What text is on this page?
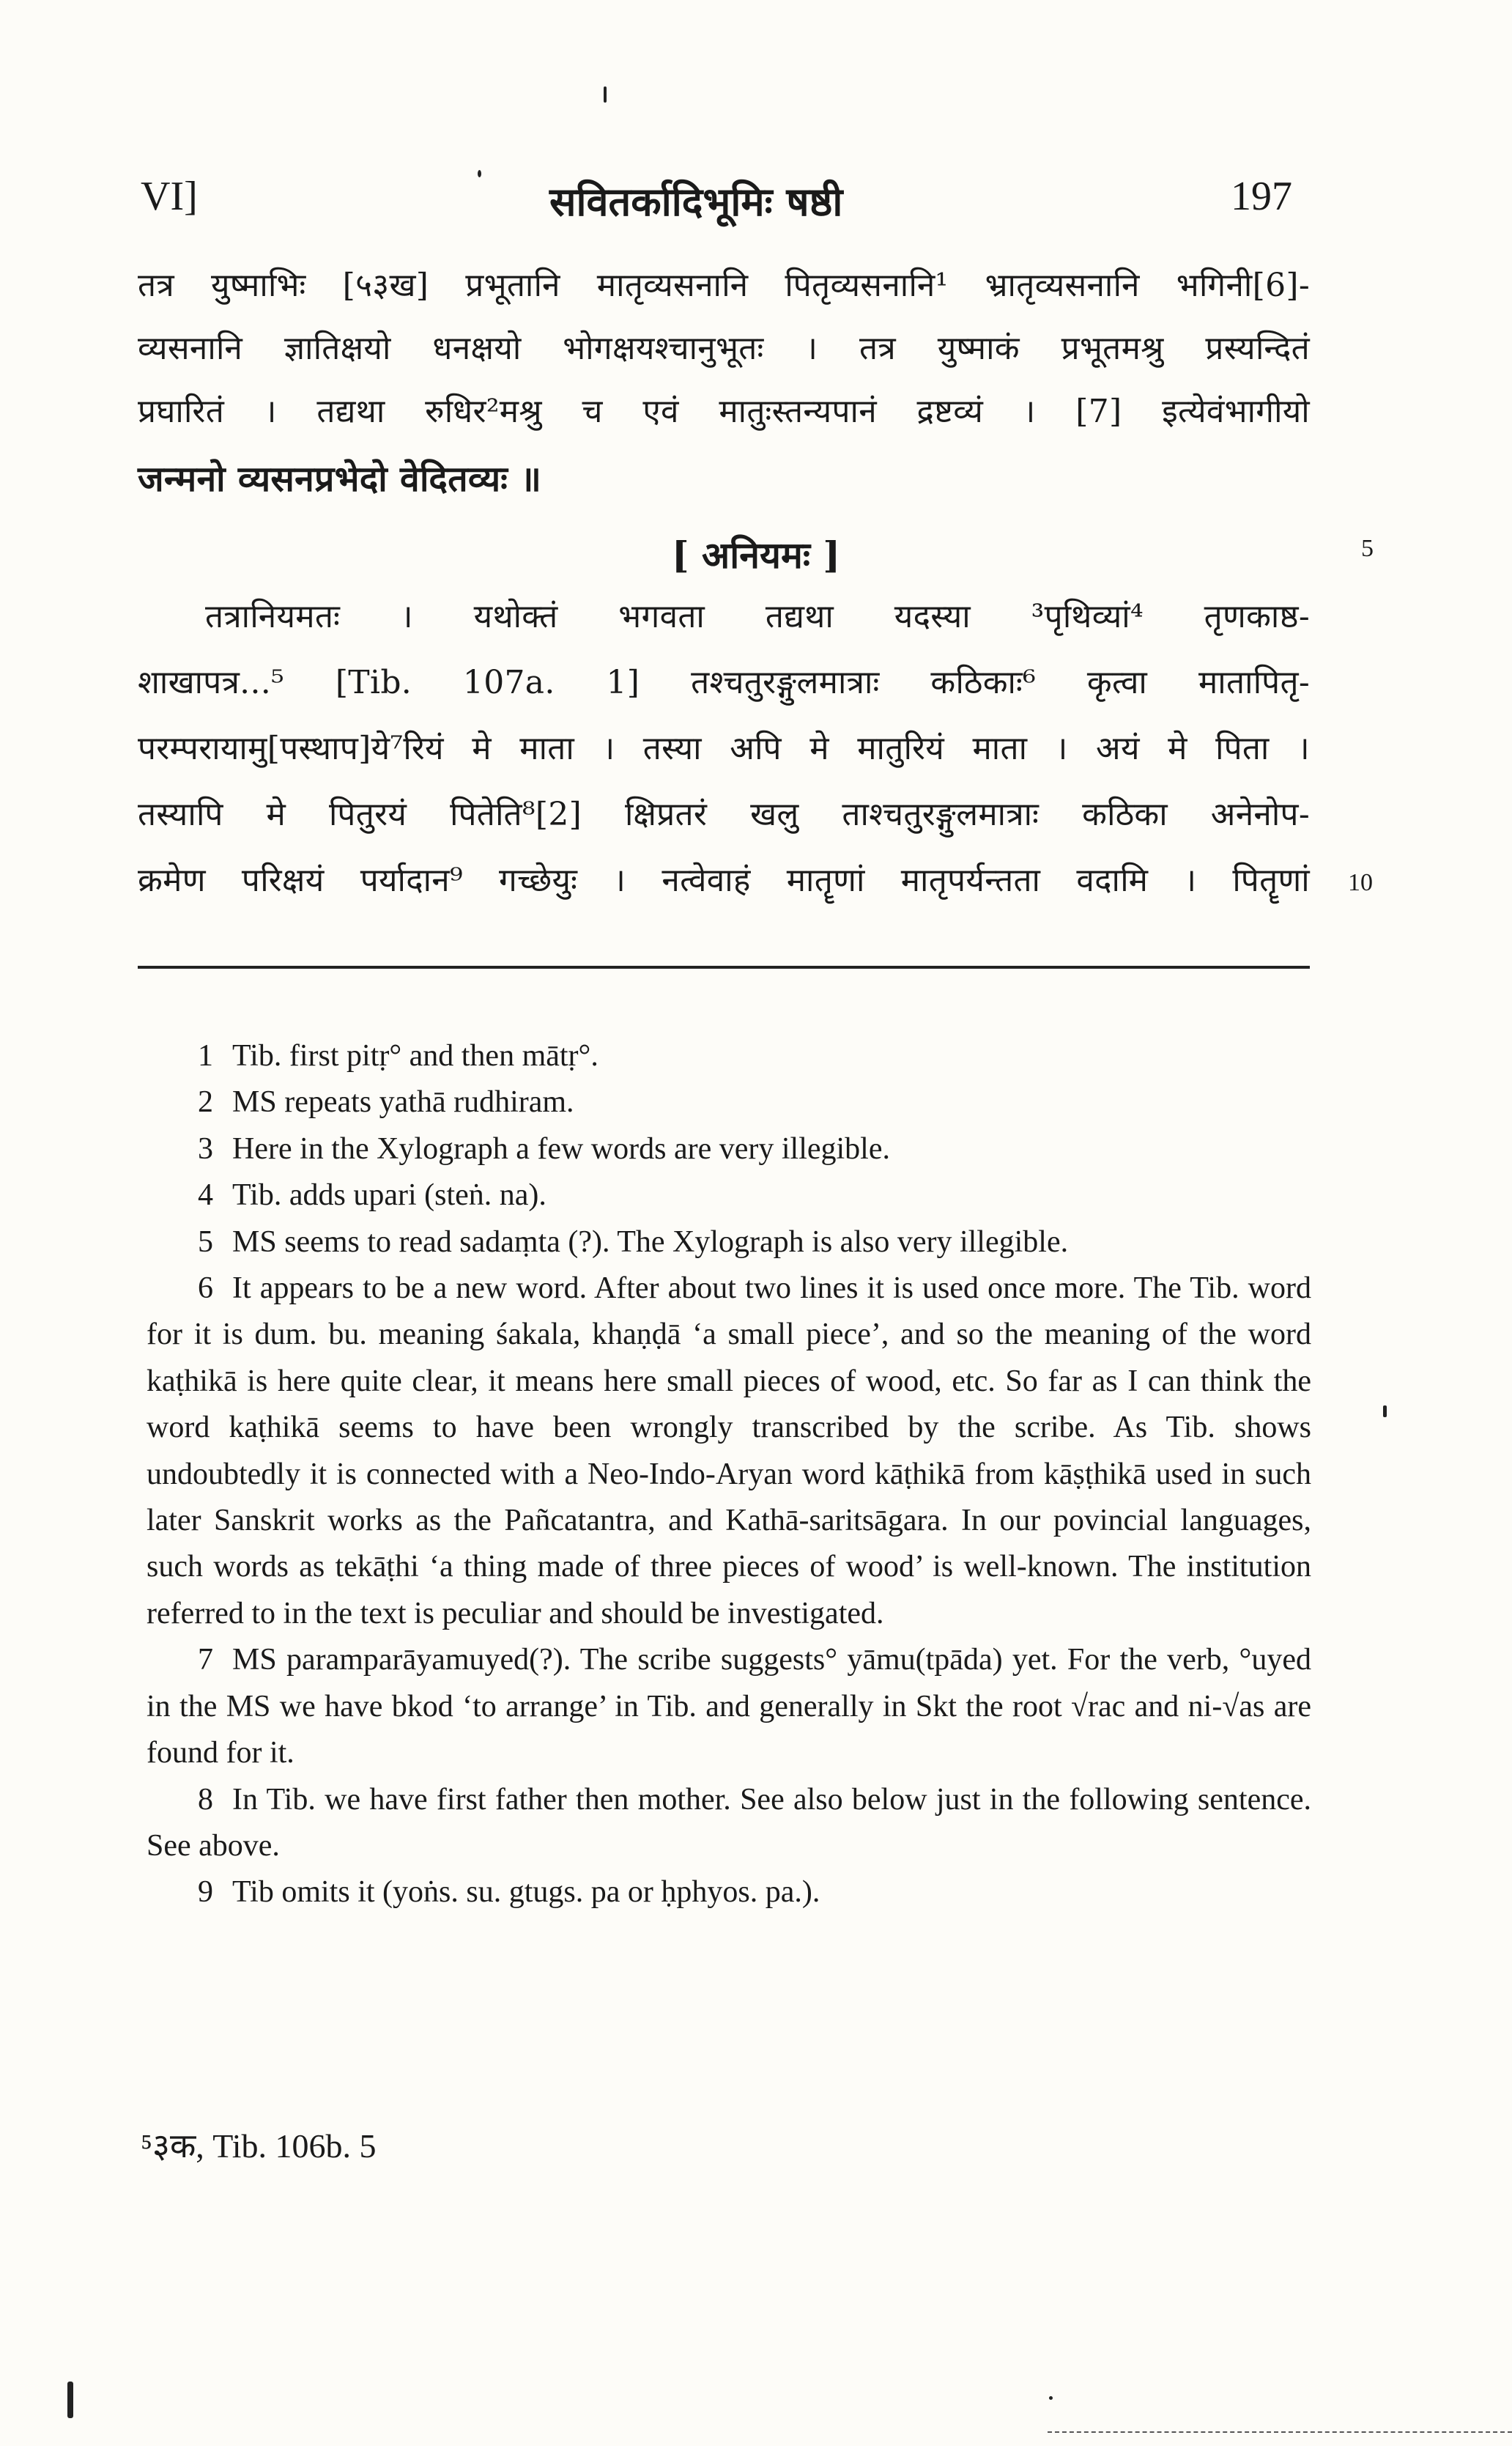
VI]	सवितर्कादिभूमिः षष्ठी	197
तत्र युष्माभिः [५३ख] प्रभूतानि मातृव्यसनानि पितृव्यसनानि¹ भ्रातृव्यसनानि भगिनी[6]-
व्यसनानि ज्ञातिक्षयो धनक्षयो भोगक्षयश्चानुभूतः । तत्र युष्माकं प्रभूतमश्रु प्रस्यन्दितं
प्रघारितं । तद्यथा रुधिर²मश्रु च एवं मातुःस्तन्यपानं द्रष्टव्यं । [7] इत्येवंभागीयो
जन्मनो व्यसनप्रभेदो वेदितव्यः ॥
[ अनियमः ]	5
तत्रानियमतः । यथोक्तं भगवता तद्यथा यदस्या ³पृथिव्यां⁴ तृणकाष्ठ-
शाखापत्र...⁵ [Tib. 107a. 1] तश्चतुरङ्गुलमात्राः कठिकाः⁶ कृत्वा मातापितृ-
परम्परायामु[पस्थाप]ये⁷रियं मे माता । तस्या अपि मे मातुरियं माता । अयं मे पिता ।
तस्यापि मे पितुरयं पितेति⁸[2] क्षिप्रतरं खलु ताश्चतुरङ्गुलमात्राः कठिका अनेनोप-
क्रमेण परिक्षयं पर्यादान⁹ गच्छेयुः । नत्वेवाहं मातॄणां मातृपर्यन्तता वदामि । पितॄणां 10

1 Tib. first pitṛ° and then mātṛ°.

2 MS repeats yathā rudhiram.

3 Here in the Xylograph a few words are very illegible.

4 Tib. adds upari (steṅ. na).

5 MS seems to read sadaṃta (?). The Xylograph is also very illegible.

6 It appears to be a new word. After about two lines it is used once more. The Tib. word for it is dum. bu. meaning śakala, khaṇḍā ‘a small piece’, and so the meaning of the word kaṭhikā is here quite clear, it means here small pieces of wood, etc. So far as I can think the word kaṭhikā seems to have been wrongly transcribed by the scribe. As Tib. shows undoubtedly it is connected with a Neo-Indo-Aryan word kāṭhikā from kāṣṭhikā used in such later Sanskrit works as the Pañcatantra, and Kathā-saritsāgara. In our povincial languages, such words as tekāṭhi ‘a thing made of three pieces of wood’ is well-known. The institution referred to in the text is peculiar and should be investigated.

7 MS paramparāyamuyed(?). The scribe suggests° yāmu(tpāda) yet. For the verb, °uyed in the MS we have bkod ‘to arrange’ in Tib. and generally in Skt the root √rac and ni-√as are found for it.

8 In Tib. we have first father then mother. See also below just in the following sentence. See above.

9 Tib omits it (yoṅs. su. gtugs. pa or ḥphyos. pa.).

⁵३क, Tib. 106b. 5
